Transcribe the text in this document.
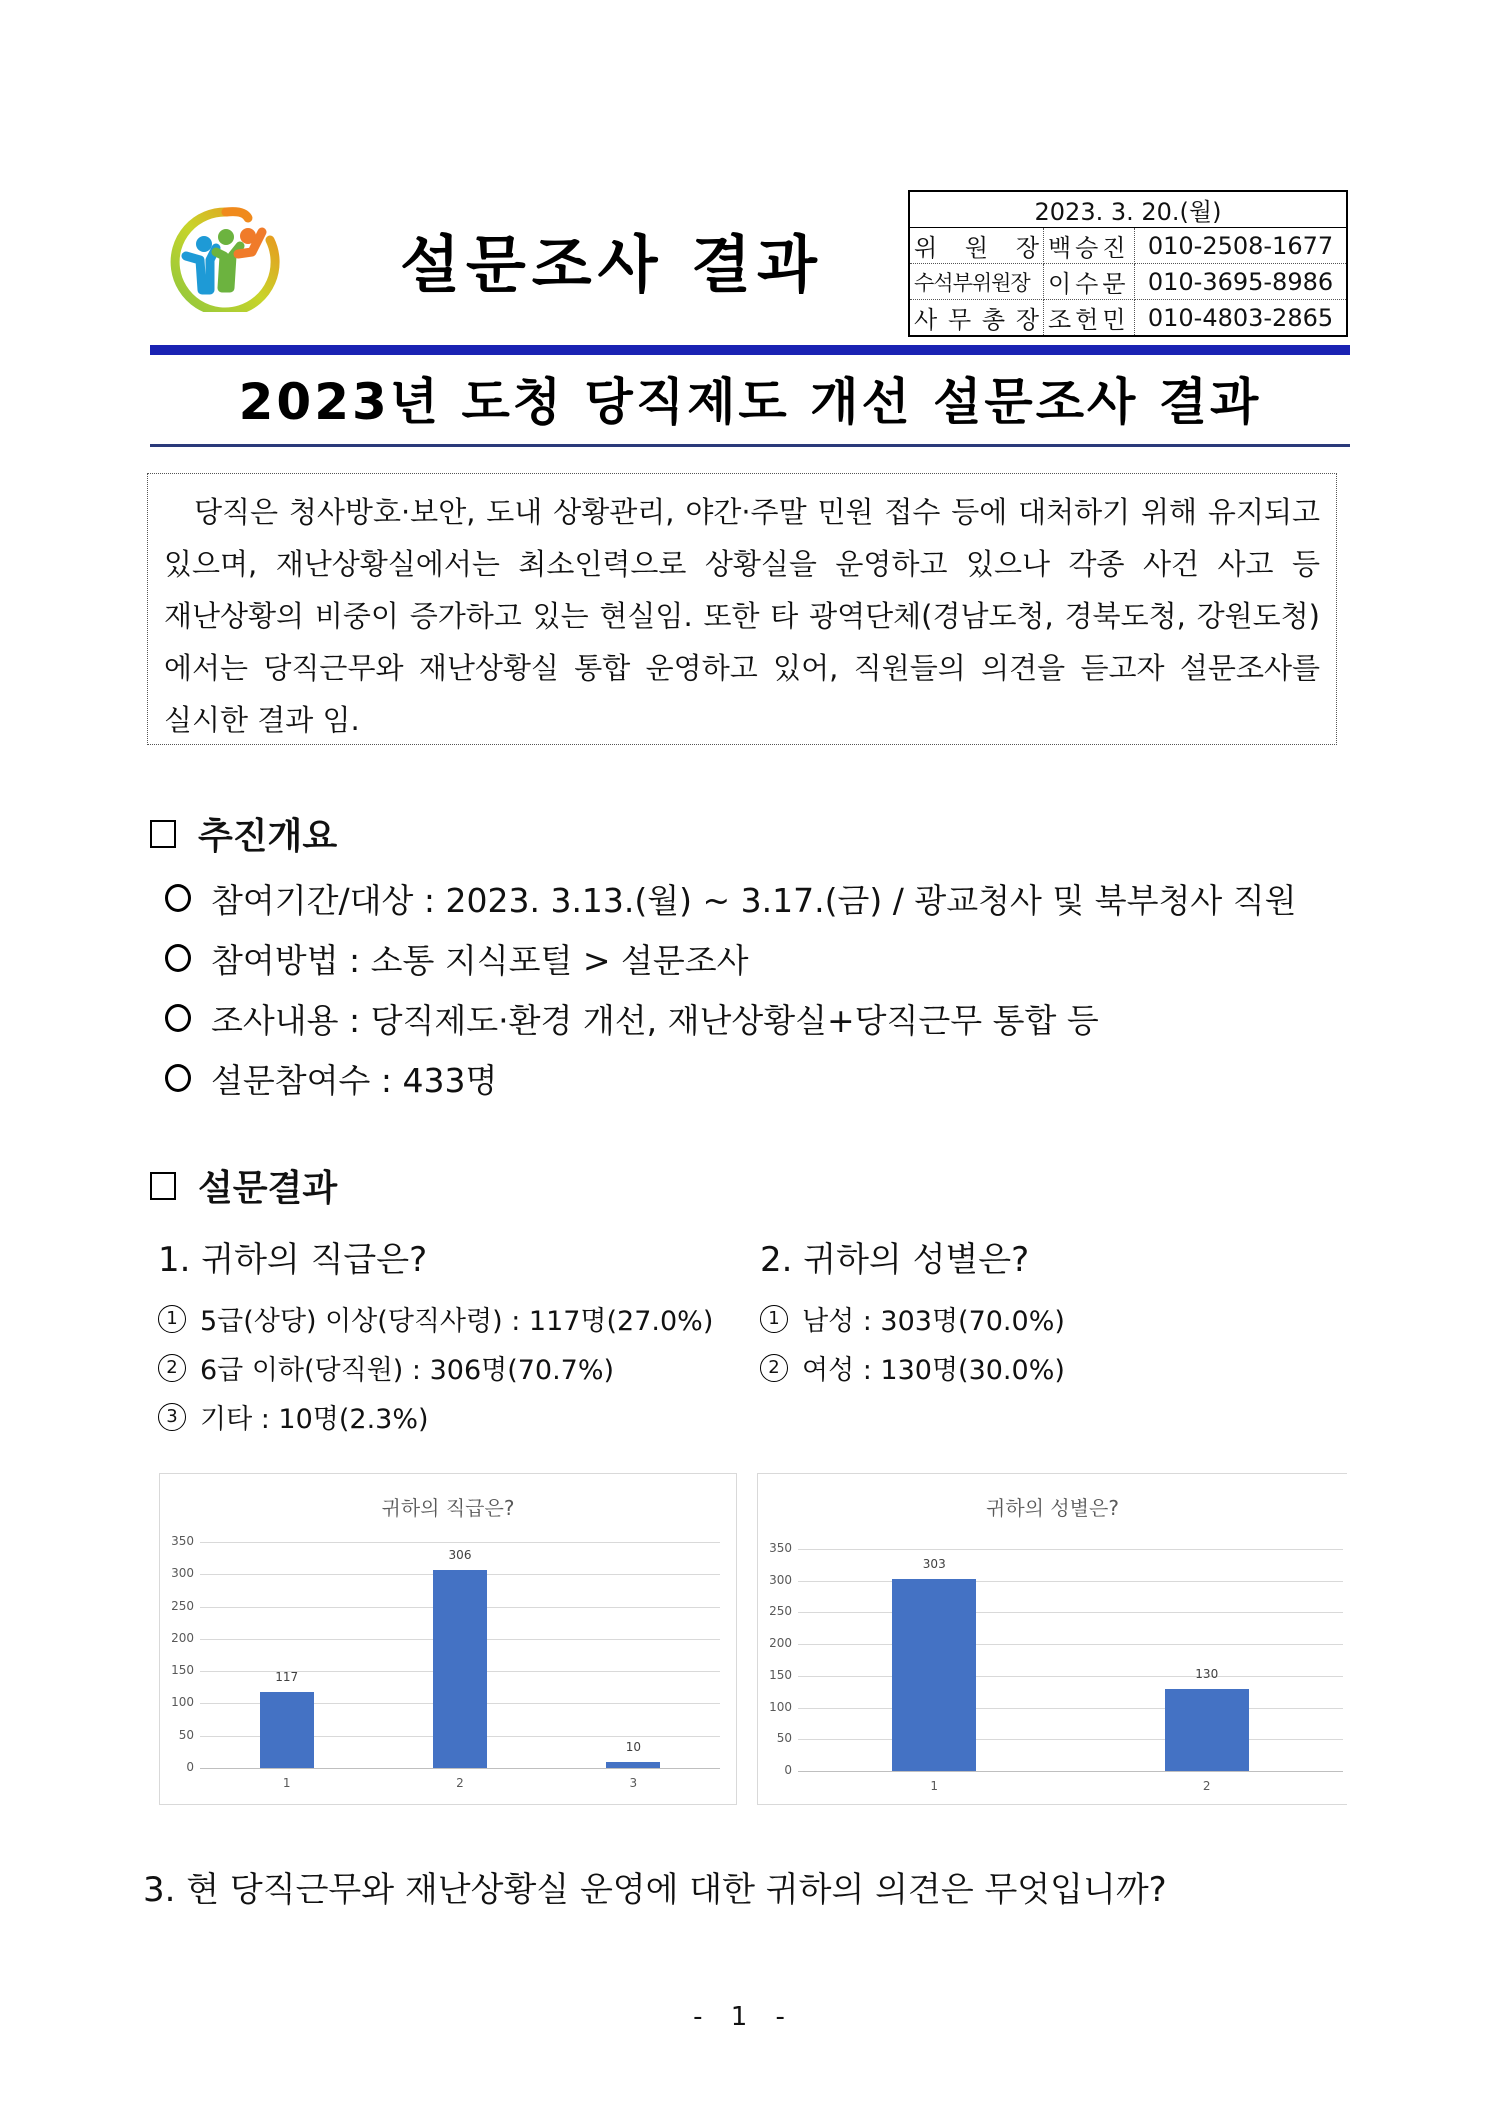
설문조사 결과
2023. 3. 20.(월)		

위 원 장	백승진	010-2508-1677

수석부위원장	이수문	010-3695-8986

사 무 총 장	조헌민	010-4803-2865
2023년 도청 당직제도 개선 설문조사 결과

당직은 청사방호·보안, 도내 상황관리, 야간·주말 민원 접수 등에 대처하기 위해 유지되고 있으며, 재난상황실에서는 최소인력으로 상황실을 운영하고 있으나 각종 사건 사고 등 재난상황의 비중이 증가하고 있는 현실임. 또한 타 광역단체(경남도청, 경북도청, 강원도청)에서는 당직근무와 재난상황실 통합 운영하고 있어, 직원들의 의견을 듣고자 설문조사를 실시한 결과 임.

추진개요
참여기간/대상 : 2023. 3.13.(월) ~ 3.17.(금) / 광교청사 및 북부청사 직원
참여방법 : 소통 지식포털 > 설문조사
조사내용 : 당직제도·환경 개선, 재난상황실+당직근무 통합 등
설문참여수 : 433명
설문결과
1. 귀하의 직급은?
1 5급(상당) 이상(당직사령) : 117명(27.0%)
2 6급 이하(당직원) : 306명(70.7%)
3 기타 : 10명(2.3%)
2. 귀하의 성별은?
1 남성 : 303명(70.0%)
2 여성 : 130명(30.0%)
귀하의 직급은?
0
50
100
150
200
250
300
350
117
1
306
2
10
3
귀하의 성별은?
0
50
100
150
200
250
300
350
303
1
130
2
3. 현 당직근무와 재난상황실 운영에 대한 귀하의 의견은 무엇입니까?
- 1 -
